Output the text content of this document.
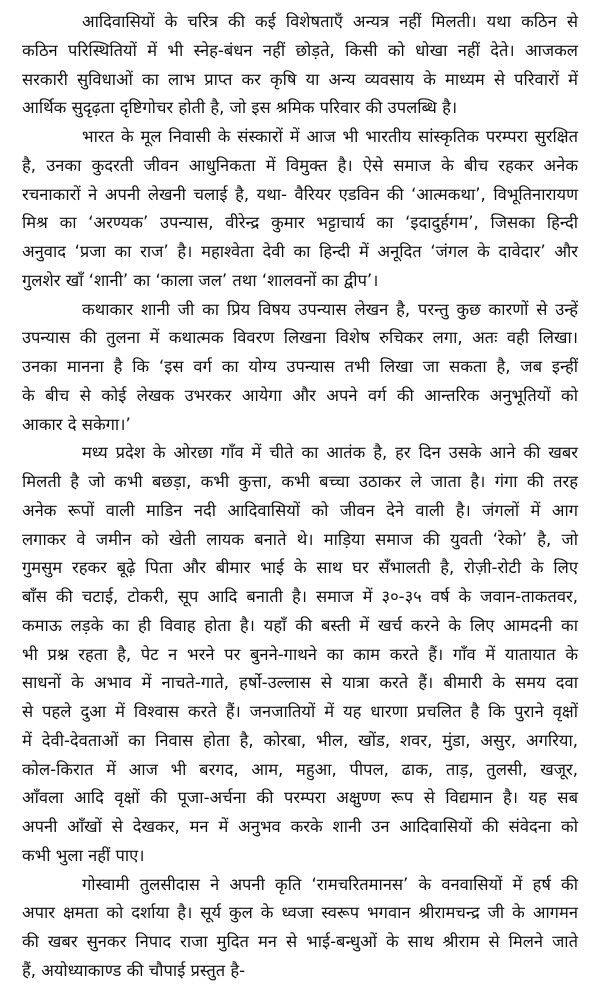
आदिवासियों के चरित्र की कई विशेषताएँ अन्यत्र नहीं मिलती। यथा कठिन से
कठिन परिस्थितियों में भी स्नेह-बंधन नहीं छोड़ते, किसी को धोखा नहीं देते। आजकल
सरकारी सुविधाओं का लाभ प्राप्त कर कृषि या अन्य व्यवसाय के माध्यम से परिवारों में
आर्थिक सुदृढ़ता दृष्टिगोचर होती है, जो इस श्रमिक परिवार की उपलब्धि है।
भारत के मूल निवासी के संस्कारों में आज भी भारतीय सांस्कृतिक परम्परा सुरक्षित
है, उनका कुदरती जीवन आधुनिकता में विमुक्त है। ऐसे समाज के बीच रहकर अनेक
रचनाकारों ने अपनी लेखनी चलाई है, यथा- वैरियर एडविन की ‘आत्मकथा’, विभूतिनारायण
मिश्र का ‘अरण्यक’ उपन्यास, वीरेन्द्र कुमार भट्टाचार्य का ‘इदादुर्हगम’, जिसका हिन्दी
अनुवाद ‘प्रजा का राज’ है। महाश्वेता देवी का हिन्दी में अनूदित ‘जंगल के दावेदार’ और
गुलशेर खाँ ‘शानी’ का ‘काला जल’ तथा ‘शालवनों का द्वीप’।
कथाकार शानी जी का प्रिय विषय उपन्यास लेखन है, परन्तु कुछ कारणों से उन्हें
उपन्यास की तुलना में कथात्मक विवरण लिखना विशेष रुचिकर लगा, अतः वही लिखा।
उनका मानना है कि ‘इस वर्ग का योग्य उपन्यास तभी लिखा जा सकता है, जब इन्हीं
के बीच से कोई लेखक उभरकर आयेगा और अपने वर्ग की आन्तरिक अनुभूतियों को
आकार दे सकेगा।’
मध्य प्रदेश के ओरछा गाँव में चीते का आतंक है, हर दिन उसके आने की खबर
मिलती है जो कभी बछड़ा, कभी कुत्ता, कभी बच्चा उठाकर ले जाता है। गंगा की तरह
अनेक रूपों वाली माडिन नदी आदिवासियों को जीवन देने वाली है। जंगलों में आग
लगाकर वे जमीन को खेती लायक बनाते थे। माड़िया समाज की युवती ‘रेको’ है, जो
गुमसुम रहकर बूढ़े पिता और बीमार भाई के साथ घर सँभालती है, रोज़ी-रोटी के लिए
बाँस की चटाई, टोकरी, सूप आदि बनाती है। समाज में ३०-३५ वर्ष के जवान-ताकतवर,
कमाऊ लड़के का ही विवाह होता है। यहाँ की बस्ती में खर्च करने के लिए आमदनी का
भी प्रश्न रहता है, पेट न भरने पर बुनने-गाथने का काम करते हैं। गाँव में यातायात के
साधनों के अभाव में नाचते-गाते, हर्षो-उल्लास से यात्रा करते हैं। बीमारी के समय दवा
से पहले दुआ में विश्वास करते हैं। जनजातियों में यह धारणा प्रचलित है कि पुराने वृक्षों
में देवी-देवताओं का निवास होता है, कोरबा, भील, खोंड, शवर, मुंडा, असुर, अगरिया,
कोल-किरात में आज भी बरगद, आम, महुआ, पीपल, ढाक, ताड़, तुलसी, खजूर,
आँवला आदि वृक्षों की पूजा-अर्चना की परम्परा अक्षुण्ण रूप से विद्यमान है। यह सब
अपनी आँखों से देखकर, मन में अनुभव करके शानी उन आदिवासियों की संवेदना को
कभी भुला नहीं पाए।
गोस्वामी तुलसीदास ने अपनी कृति ‘रामचरितमानस’ के वनवासियों में हर्ष की
अपार क्षमता को दर्शाया है। सूर्य कुल के ध्वजा स्वरूप भगवान श्रीरामचन्द्र जी के आगमन
की खबर सुनकर निपाद राजा मुदित मन से भाई-बन्धुओं के साथ श्रीराम से मिलने जाते
हैं, अयोध्याकाण्ड की चौपाई प्रस्तुत है-
